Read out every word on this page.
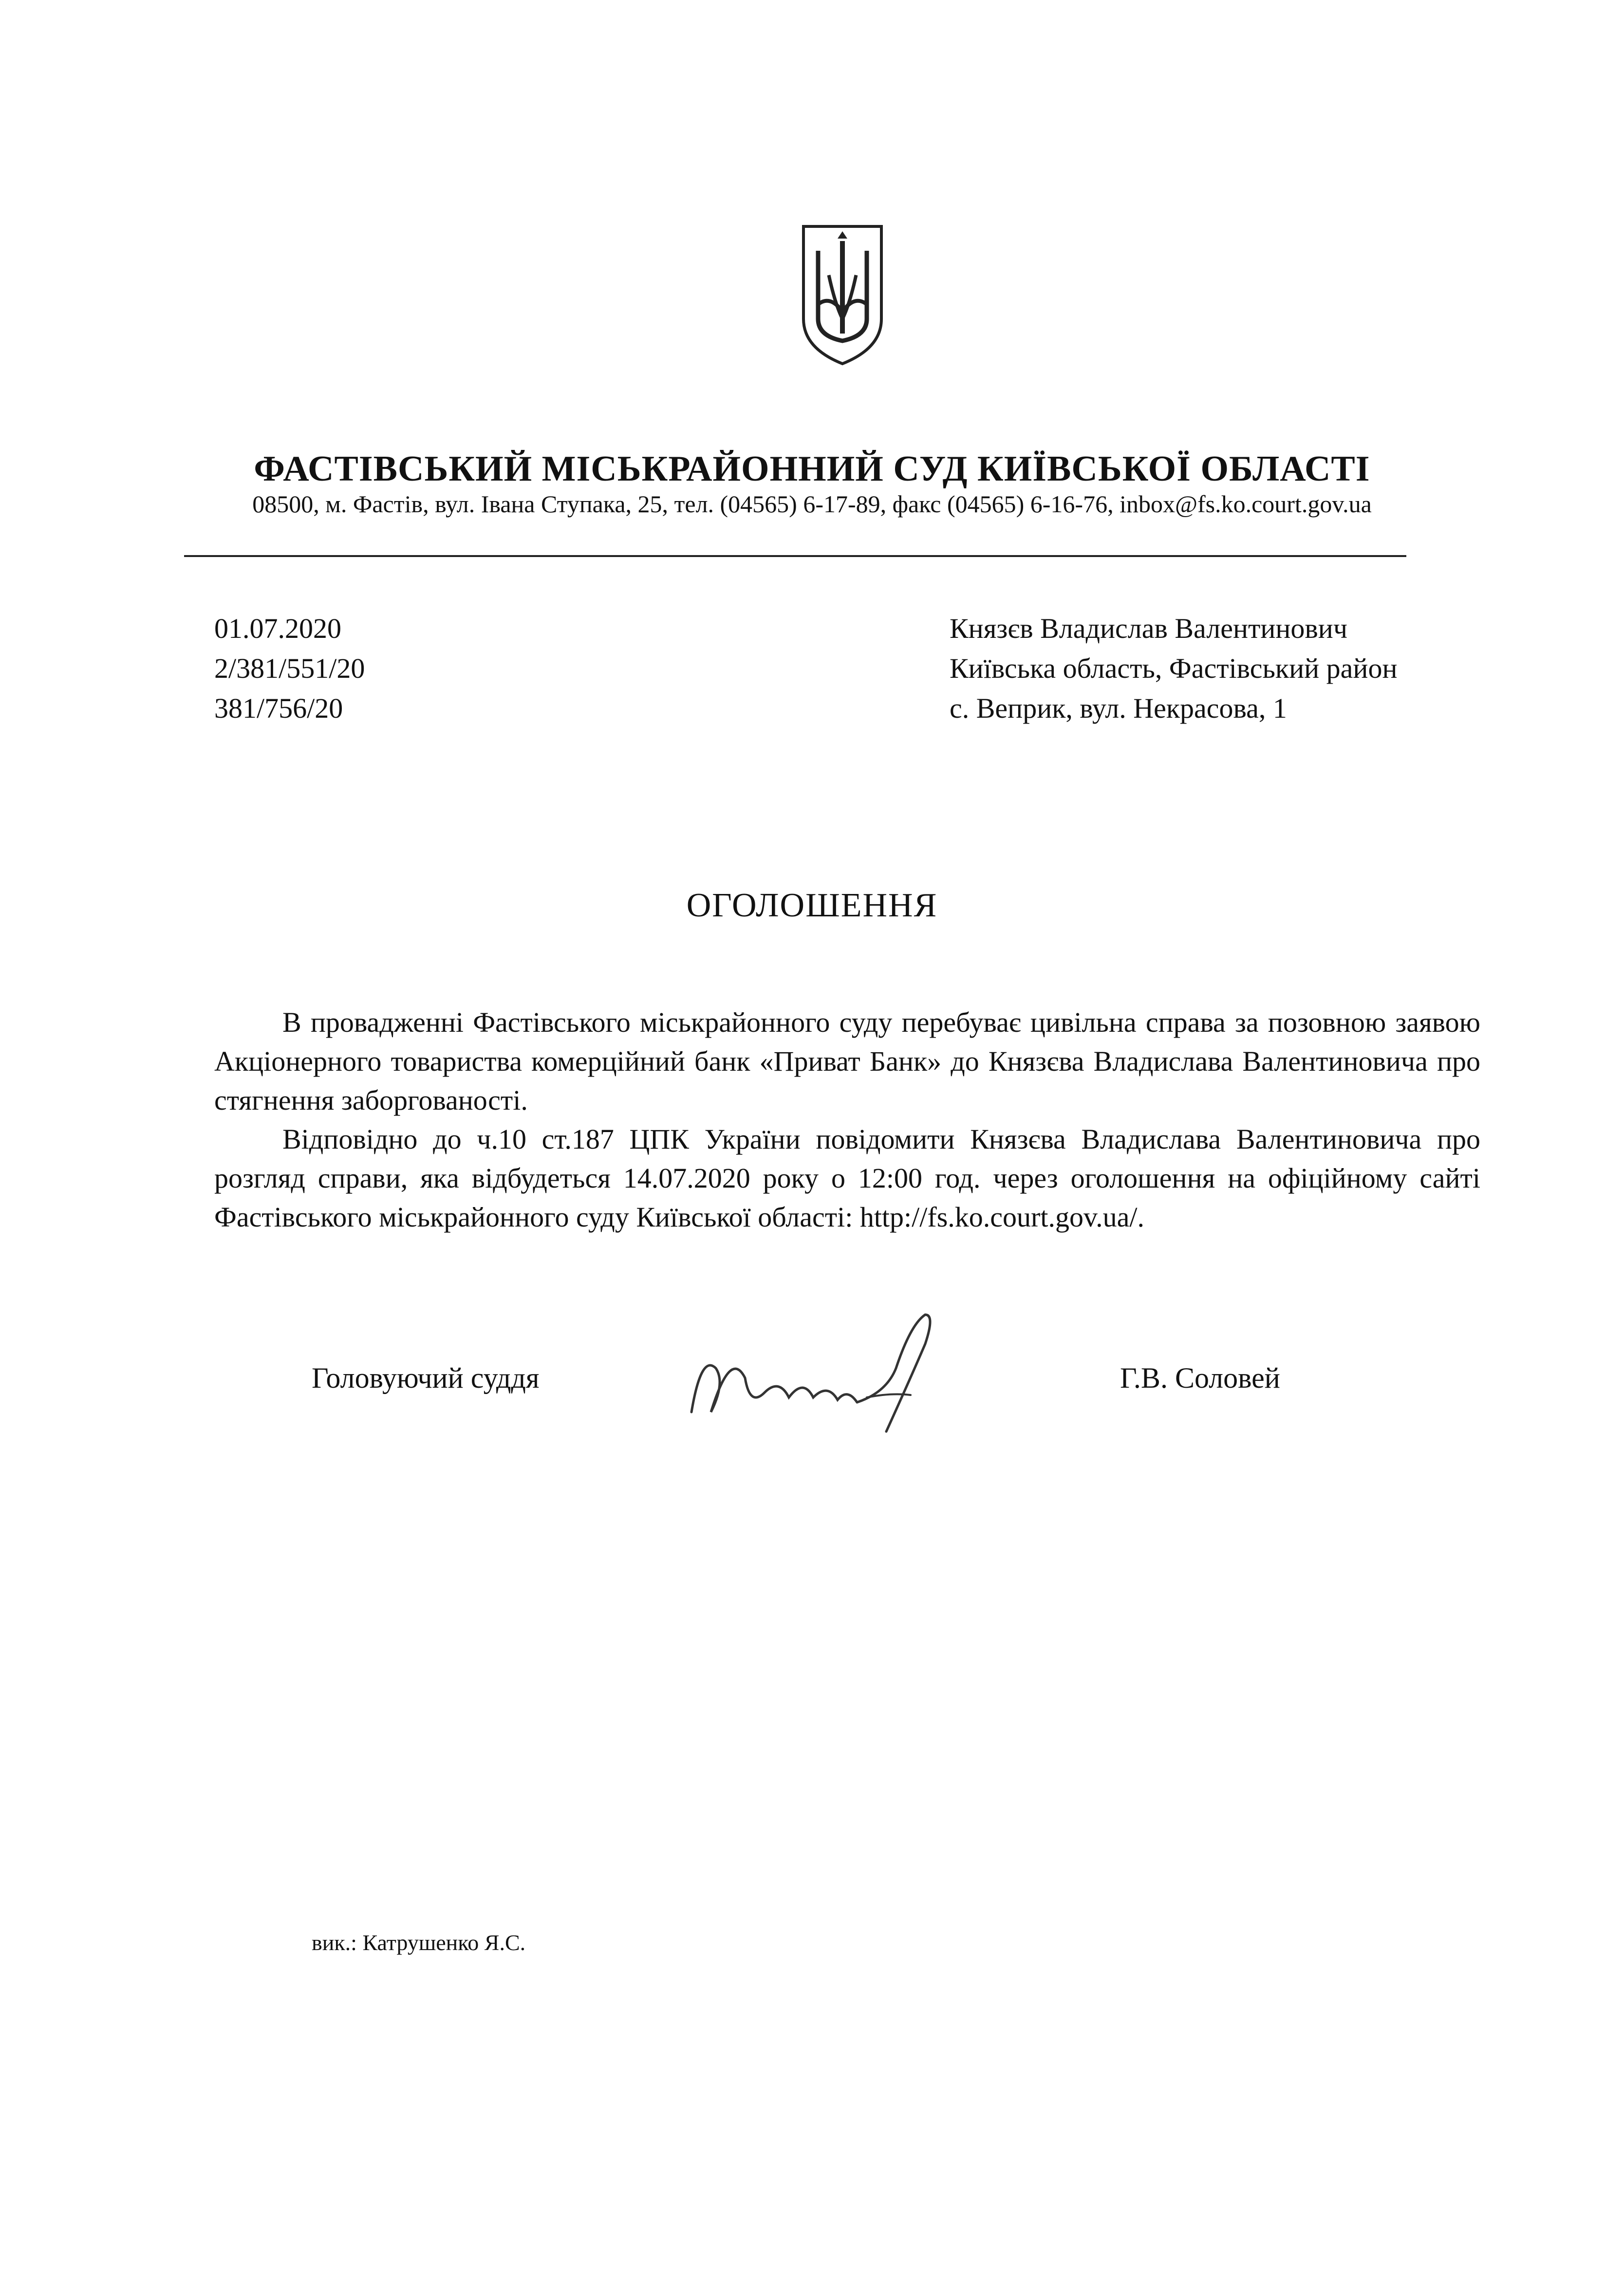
ФАСТІВСЬКИЙ МІСЬКРАЙОННИЙ СУД КИЇВСЬКОЇ ОБЛАСТІ
08500, м. Фастів, вул. Івана Ступака, 25, тел. (04565) 6-17-89, факс (04565) 6-16-76, inbox@fs.ko.court.gov.ua
01.07.2020
2/381/551/20
381/756/20
Князєв Владислав Валентинович
Київська область, Фастівський район
с. Веприк, вул. Некрасова, 1
ОГОЛОШЕННЯ

В провадженні Фастівського міськрайонного суду перебуває цивільна справа за позовною заявою Акціонерного товариства комерційний банк «Приват Банк» до Князєва Владислава Валентиновича про стягнення заборгованості.

Відповідно до ч.10 ст.187 ЦПК України повідомити Князєва Владислава Валентиновича про розгляд справи, яка відбудеться 14.07.2020 року о 12:00 год. через оголошення на офіційному сайті Фастівського міськрайонного суду Київської області: http://fs.ko.court.gov.ua/.

Головуючий суддя	Г.В. Соловей
вик.: Катрушенко Я.С.
